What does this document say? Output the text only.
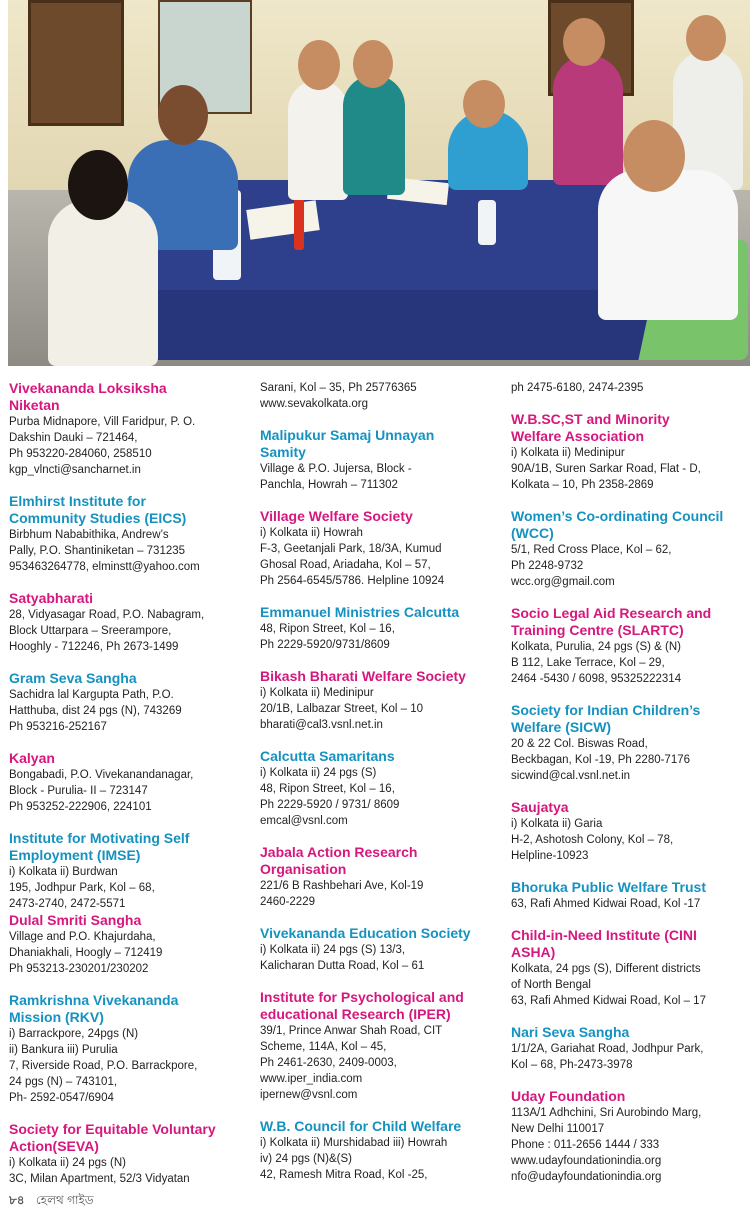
Vivekananda Loksiksha
Niketan
Purba Midnapore, Vill Faridpur, P. O.
Dakshin Dauki – 721464,
Ph 953220-284060, 258510
kgp_vlncti@sancharnet.in
Elmhirst Institute for
Community Studies (EICS)
Birbhum Nababithika, Andrew’s
Pally, P.O. Shantiniketan – 731235
953463264778, elminstt@yahoo.com
Satyabharati
28, Vidyasagar Road, P.O. Nabagram,
Block Uttarpara – Sreerampore,
Hooghly - 712246, Ph 2673-1499
Gram Seva Sangha
Sachidra lal Kargupta Path, P.O.
Hatthuba, dist 24 pgs (N), 743269
Ph 953216-252167
Kalyan
Bongabadi, P.O. Vivekanandanagar,
Block - Purulia- II – 723147
Ph 953252-222906, 224101
Institute for Motivating Self
Employment (IMSE)
i) Kolkata ii) Burdwan
195, Jodhpur Park, Kol – 68,
2473-2740, 2472-5571
Dulal Smriti Sangha
Village and P.O. Khajurdaha,
Dhaniakhali, Hoogly – 712419
Ph 953213-230201/230202
Ramkrishna Vivekananda
Mission (RKV)
i) Barrackpore, 24pgs (N)
ii) Bankura iii) Purulia
7, Riverside Road, P.O. Barrackpore,
24 pgs (N) – 743101,
Ph- 2592-0547/6904
Society for Equitable Voluntary
Action(SEVA)
i) Kolkata ii) 24 pgs (N)
3C, Milan Apartment, 52/3 Vidyatan
Sarani, Kol – 35, Ph 25776365
www.sevakolkata.org
Malipukur Samaj Unnayan
Samity
Village & P.O. Jujersa, Block -
Panchla, Howrah – 711302
Village Welfare Society
i) Kolkata ii) Howrah
F-3, Geetanjali Park, 18/3A, Kumud
Ghosal Road, Ariadaha, Kol – 57,
Ph 2564-6545/5786. Helpline 10924
Emmanuel Ministries Calcutta
48, Ripon Street, Kol – 16,
Ph 2229-5920/9731/8609
Bikash Bharati Welfare Society
i) Kolkata ii) Medinipur
20/1B, Lalbazar Street, Kol – 10
bharati@cal3.vsnl.net.in
Calcutta Samaritans
i) Kolkata ii) 24 pgs (S)
48, Ripon Street, Kol – 16,
Ph 2229-5920 / 9731/ 8609
emcal@vsnl.com
Jabala Action Research
Organisation
221/6 B Rashbehari Ave, Kol-19
2460-2229
Vivekananda Education Society
i) Kolkata ii) 24 pgs (S) 13/3,
Kalicharan Dutta Road, Kol – 61
Institute for Psychological and
educational Research (IPER)
39/1, Prince Anwar Shah Road, CIT
Scheme, 114A, Kol – 45,
Ph 2461-2630, 2409-0003,
www.iper_india.com
ipernew@vsnl.com
W.B. Council for Child Welfare
i) Kolkata ii) Murshidabad iii) Howrah
iv) 24 pgs (N)&(S)
42, Ramesh Mitra Road, Kol -25,
ph 2475-6180, 2474-2395
W.B.SC,ST and Minority
Welfare Association
i) Kolkata ii) Medinipur
90A/1B, Suren Sarkar Road, Flat - D,
Kolkata – 10, Ph 2358-2869
Women’s Co-ordinating Council
(WCC)
5/1, Red Cross Place, Kol – 62,
Ph 2248-9732
wcc.org@gmail.com
Socio Legal Aid Research and
Training Centre (SLARTC)
Kolkata, Purulia, 24 pgs (S) & (N)
B 112, Lake Terrace, Kol – 29,
2464 -5430 / 6098, 95325222314
Society for Indian Children’s
Welfare (SICW)
20 & 22 Col. Biswas Road,
Beckbagan, Kol -19, Ph 2280-7176
sicwind@cal.vsnl.net.in
Saujatya
i) Kolkata ii) Garia
H-2, Ashotosh Colony, Kol – 78,
Helpline-10923
Bhoruka Public Welfare Trust
63, Rafi Ahmed Kidwai Road, Kol -17
Child-in-Need Institute (CINI
ASHA)
Kolkata, 24 pgs (S), Different districts
of North Bengal
63, Rafi Ahmed Kidwai Road, Kol – 17
Nari Seva Sangha
1/1/2A, Gariahat Road, Jodhpur Park,
Kol – 68, Ph-2473-3978
Uday Foundation
113A/1 Adhchini, Sri Aurobindo Marg,
New Delhi 110017
Phone : 011-2656 1444 / 333
www.udayfoundationindia.org
nfo@udayfoundationindia.org
৮৪ হেলথ গাইড
